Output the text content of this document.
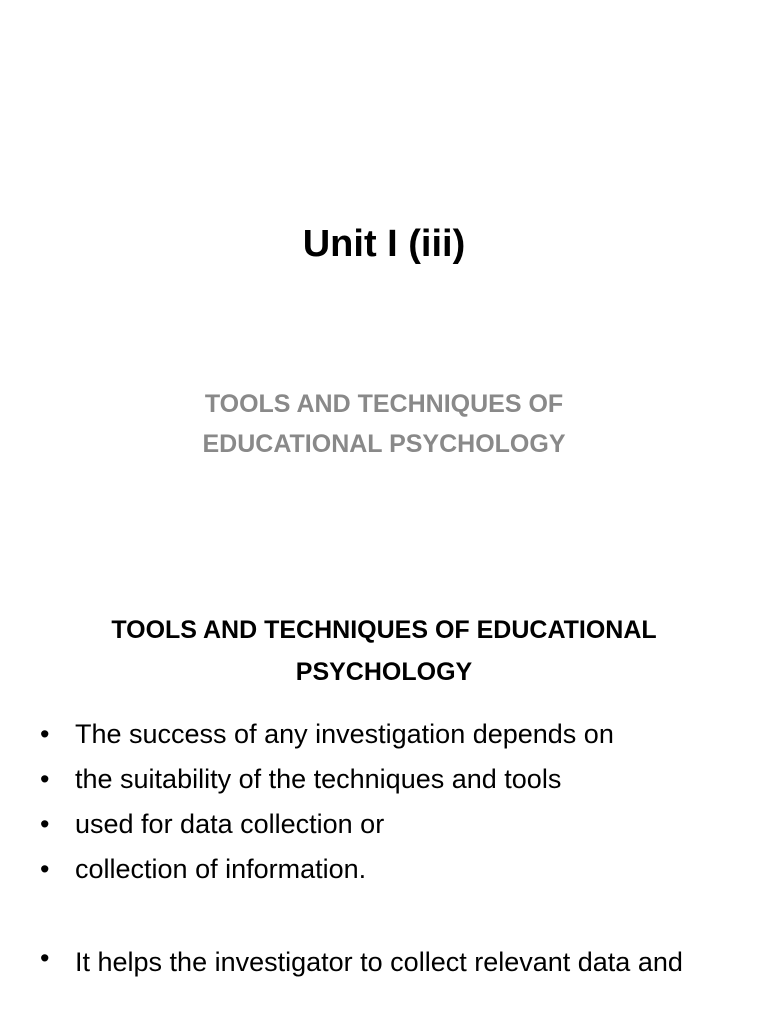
Unit I (iii)
TOOLS AND TECHNIQUES OF
EDUCATIONAL PSYCHOLOGY
TOOLS AND TECHNIQUES OF EDUCATIONAL
PSYCHOLOGY
• The success of any investigation depends on
• the suitability of the techniques and tools
• used for data collection or
• collection of information.
• It helps the investigator to collect relevant data and
